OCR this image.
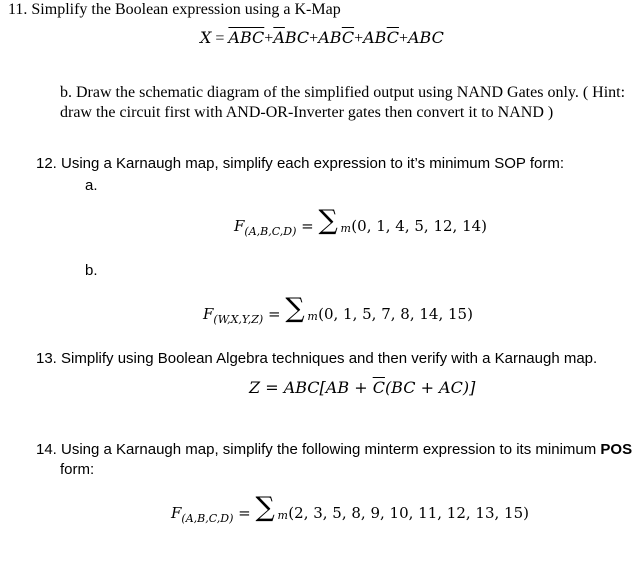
11. Simplify the Boolean expression using a K-Map
$X = \overline{ABC}+\overline{A}BC+AB\overline{C}+AB\overline{C}+ABC$
b. Draw the schematic diagram of the simplified output using NAND Gates only. ( Hint:
draw the circuit first with AND-OR-Inverter gates then convert it to NAND )
12. Using a Karnaugh map, simplify each expression to it’s minimum SOP form:
a.
$F_{(A,B,C,D)}$ = ∑ m (0, 1, 4, 5, 12, 14)
b.
$F_{(W,X,Y,Z)}$ = ∑ m (0, 1, 5, 7, 8, 14, 15)
13. Simplify using Boolean Algebra techniques and then verify with a Karnaugh map.
$Z = ABC[AB + \overline{C}(BC + AC)]$
14. Using a Karnaugh map, simplify the following minterm expression to its minimum POS
form:
$F_{(A,B,C,D)}$ = ∑ m (2, 3, 5, 8, 9, 10, 11, 12, 13, 15)
